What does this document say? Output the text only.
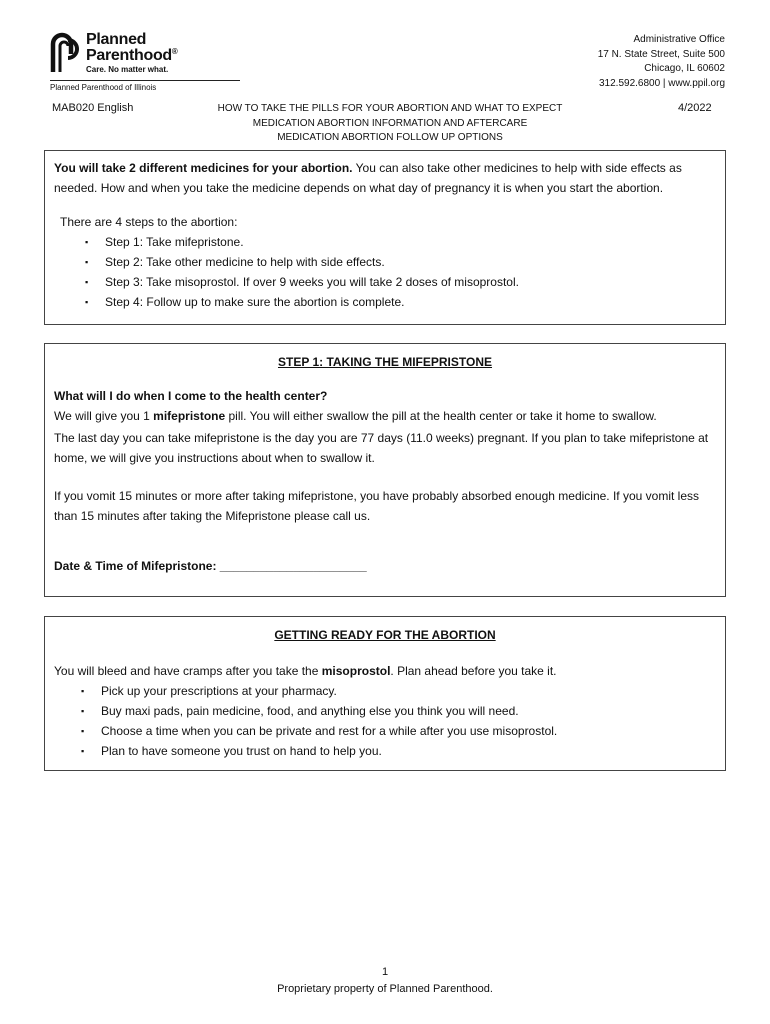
Planned
Parenthood®
Care. No matter what.
Planned Parenthood of Illinois
Administrative Office
17 N. State Street, Suite 500
Chicago, IL 60602
312.592.6800 | www.ppil.org
MAB020 English	HOW TO TAKE THE PILLS FOR YOUR ABORTION AND WHAT TO EXPECT
MEDICATION ABORTION INFORMATION AND AFTERCARE
MEDICATION ABORTION FOLLOW UP OPTIONS
4/2022

You will take 2 different medicines for your abortion. You can also take other medicines to help with side effects as needed. How and when you take the medicine depends on what day of pregnancy it is when you start the abortion.

There are 4 steps to the abortion:

▪ Step 1: Take mifepristone.
▪ Step 2: Take other medicine to help with side effects.
▪ Step 3: Take misoprostol. If over 9 weeks you will take 2 doses of misoprostol.
▪ Step 4: Follow up to make sure the abortion is complete.
STEP 1: TAKING THE MIFEPRISTONE

What will I do when I come to the health center?

We will give you 1 mifepristone pill. You will either swallow the pill at the health center or take it home to swallow.

The last day you can take mifepristone is the day you are 77 days (11.0 weeks) pregnant. If you plan to take mifepristone at home, we will give you instructions about when to swallow it.

If you vomit 15 minutes or more after taking mifepristone, you have probably absorbed enough medicine. If you vomit less than 15 minutes after taking the Mifepristone please call us.

Date & Time of Mifepristone: ______________________

GETTING READY FOR THE ABORTION

You will bleed and have cramps after you take the misoprostol. Plan ahead before you take it.

▪ Pick up your prescriptions at your pharmacy.
▪ Buy maxi pads, pain medicine, food, and anything else you think you will need.
▪ Choose a time when you can be private and rest for a while after you use misoprostol.
▪ Plan to have someone you trust on hand to help you.
1
Proprietary property of Planned Parenthood.
